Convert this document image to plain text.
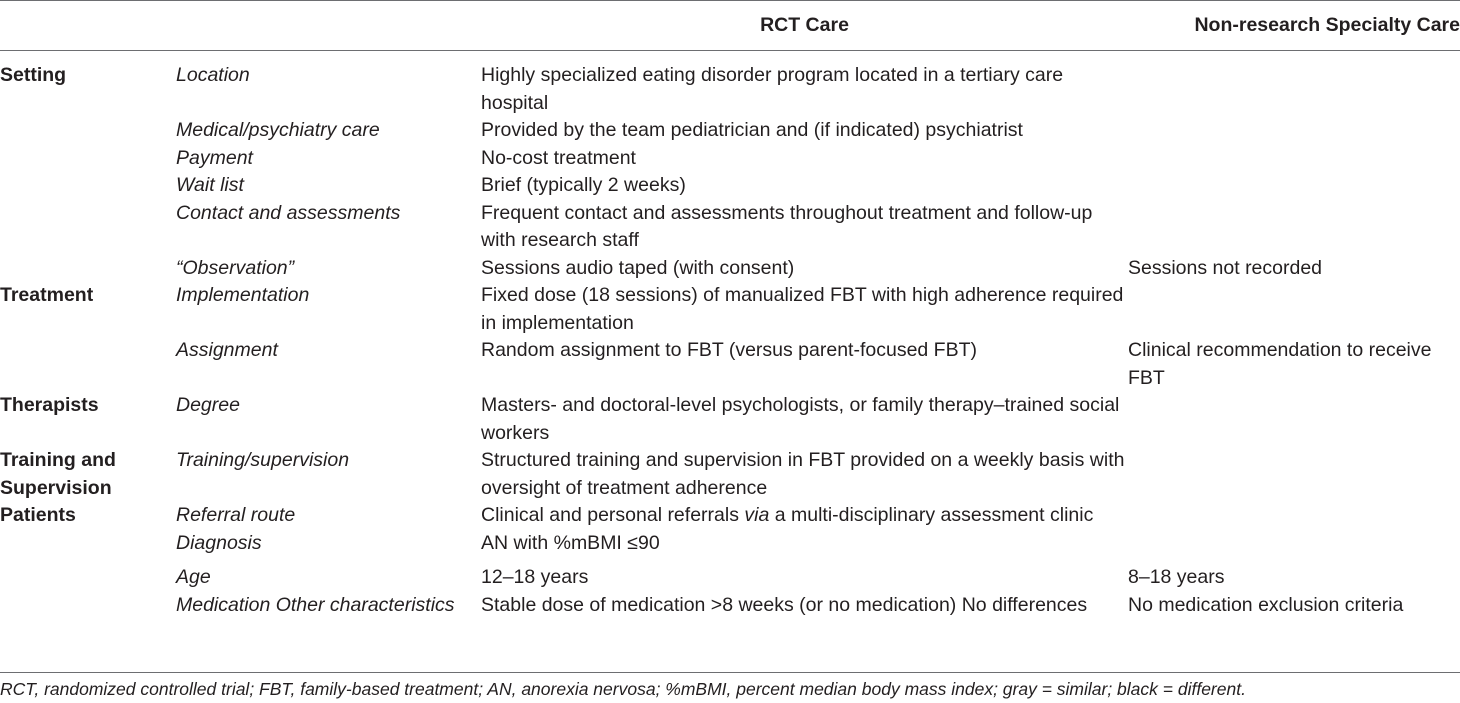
		RCT Care	Non-research Specialty Care
Setting	Location	Highly specialized eating disorder program located in a tertiary care hospital	
	Medical/psychiatry care	Provided by the team pediatrician and (if indicated) psychiatrist	
	Payment	No-cost treatment	
	Wait list	Brief (typically 2 weeks)	
	Contact and assessments	Frequent contact and assessments throughout treatment and follow-up with research staff	
	“Observation”	Sessions audio taped (with consent)	Sessions not recorded
Treatment	Implementation	Fixed dose (18 sessions) of manualized FBT with high adherence required in implementation	
	Assignment	Random assignment to FBT (versus parent-focused FBT)	Clinical recommendation to receive FBT
Therapists	Degree	Masters- and doctoral-level psychologists, or family therapy–trained social workers	
Training and Supervision	Training/supervision	Structured training and supervision in FBT provided on a weekly basis with oversight of treatment adherence	
Patients	Referral route	Clinical and personal referrals via a multi-disciplinary assessment clinic	
	Diagnosis	AN with %mBMI ≤90	
	Age	12–18 years	8–18 years
	Medication Other characteristics	Stable dose of medication >8 weeks (or no medication) No differences	No medication exclusion criteria
RCT, randomized controlled trial; FBT, family-based treatment; AN, anorexia nervosa; %mBMI, percent median body mass index; gray = similar; black = different.
